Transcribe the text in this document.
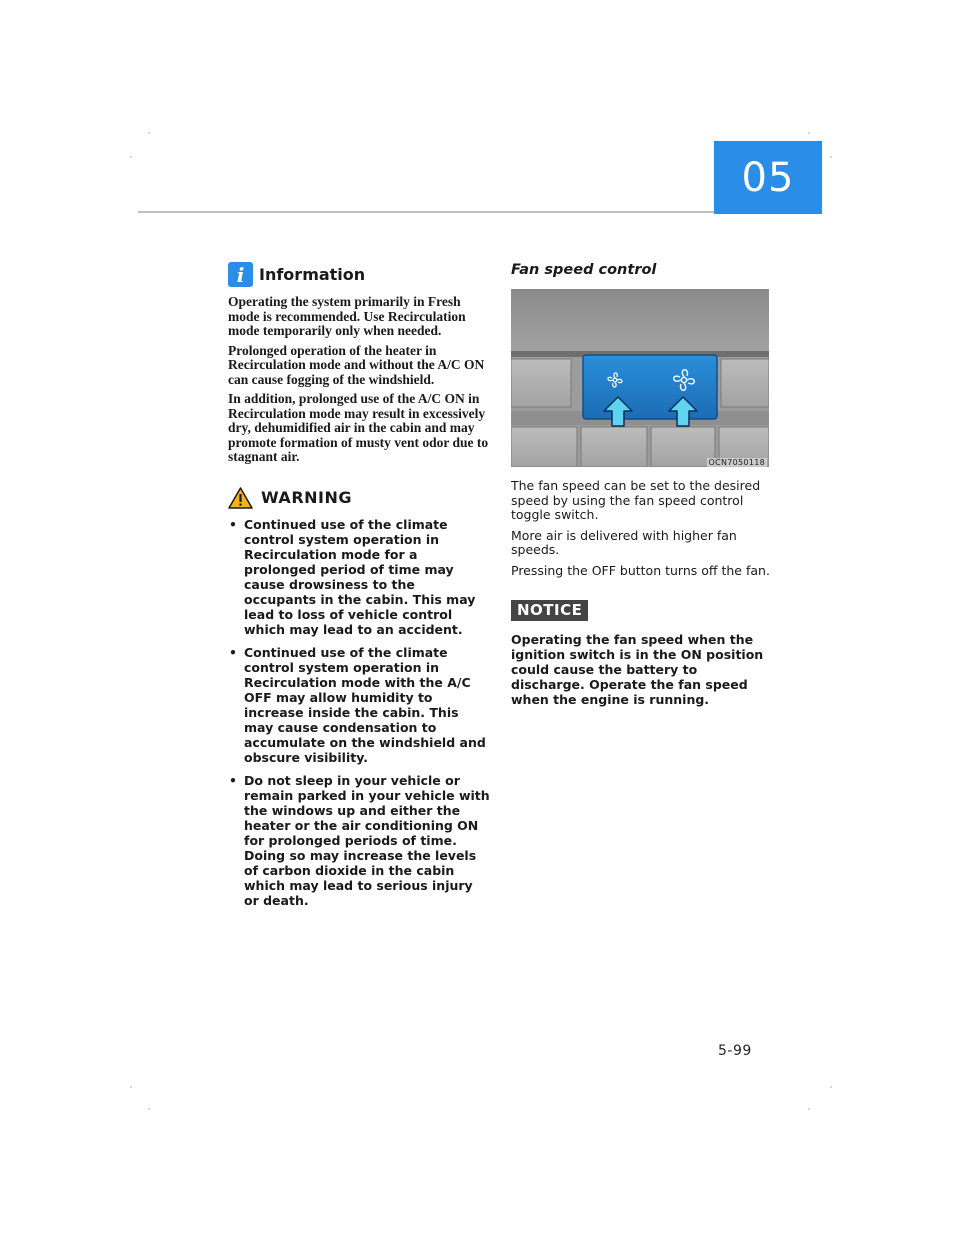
05
i Information

Operating the system primarily in Fresh mode is recommended. Use Recirculation mode temporarily only when needed.

Prolonged operation of the heater in Recirculation mode and without the A/C ON can cause fogging of the windshield.

In addition, prolonged use of the A/C ON in Recirculation mode may result in excessively dry, dehumidified air in the cabin and may promote formation of musty vent odor due to stagnant air.

WARNING
• Continued use of the climate control system operation in Recirculation mode for a prolonged period of time may cause drowsiness to the occupants in the cabin. This may lead to loss of vehicle control which may lead to an accident.
• Continued use of the climate control system operation in Recirculation mode with the A/C OFF may allow humidity to increase inside the cabin. This may cause condensation to accumulate on the windshield and obscure visibility.
• Do not sleep in your vehicle or remain parked in your vehicle with the windows up and either the heater or the air conditioning ON for prolonged periods of time. Doing so may increase the levels of carbon dioxide in the cabin which may lead to serious injury or death.
Fan speed control
OCN7050118

The fan speed can be set to the desired speed by using the fan speed control toggle switch.

More air is delivered with higher fan speeds.

Pressing the OFF button turns off the fan.

NOTICE
Operating the fan speed when the ignition switch is in the ON position could cause the battery to discharge. Operate the fan speed when the engine is running.
5-99
